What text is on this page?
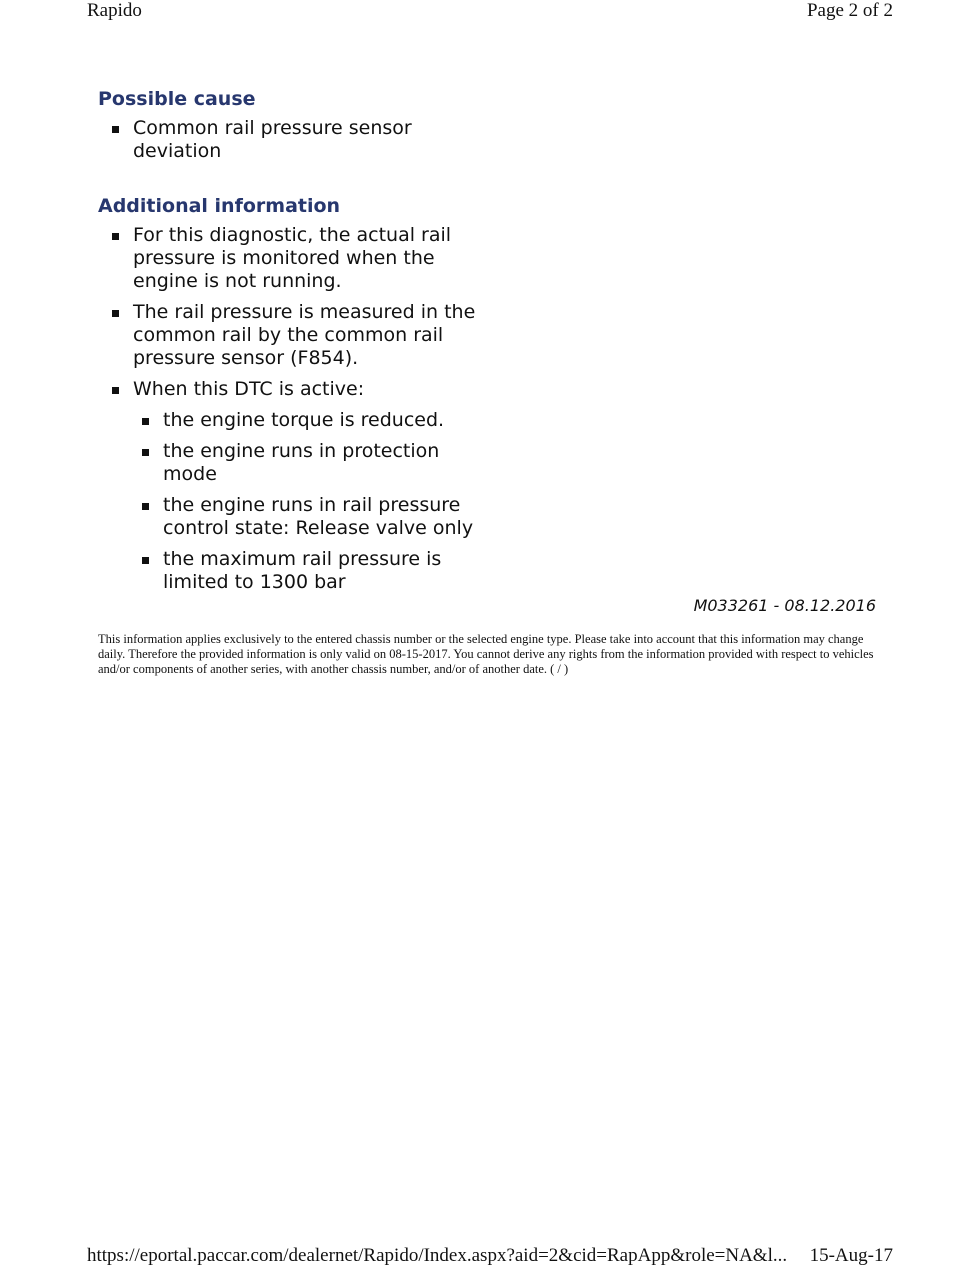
Rapido	Page 2 of 2
Possible cause
Common rail pressure sensor deviation
Additional information
For this diagnostic, the actual rail pressure is monitored when the engine is not running.
The rail pressure is measured in the common rail by the common rail pressure sensor (F854).
When this DTC is active:
the engine torque is reduced.
the engine runs in protection mode
the engine runs in rail pressure control state: Release valve only
the maximum rail pressure is limited to 1300 bar
M033261 - 08.12.2016
This information applies exclusively to the entered chassis number or the selected engine type. Please take into account that this information may change daily. Therefore the provided information is only valid on 08-15-2017. You cannot derive any rights from the information provided with respect to vehicles and/or components of another series, with another chassis number, and/or of another date. ( / )
https://eportal.paccar.com/dealernet/Rapido/Index.aspx?aid=2&cid=RapApp&role=NA&l... 15-Aug-17
